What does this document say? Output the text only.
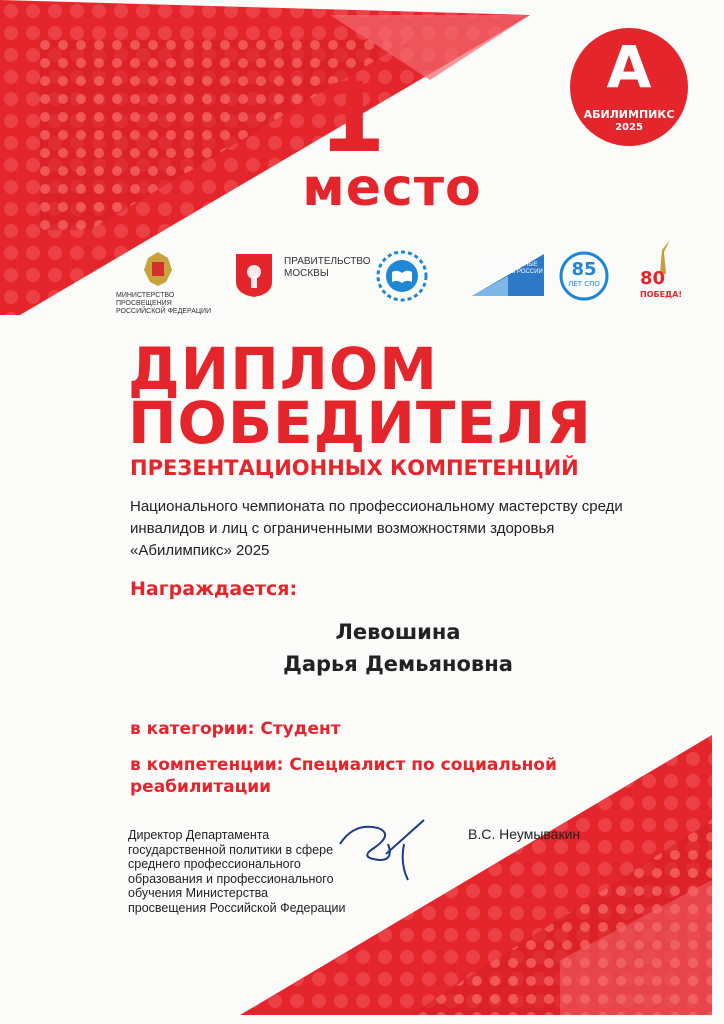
1
место
А
АБИЛИМПИКС
2025
МИНИСТЕРСТВО ПРОСВЕЩЕНИЯ РОССИЙСКОЙ ФЕДЕРАЦИИ
ПРАВИТЕЛЬСТВО МОСКВЫ
НАЦИОНАЛЬНЫЕ ПРОЕКТЫ РОССИИ	85
ЛЕТ СПО 80
ПОБЕДА!
ДИПЛОМ
ПОБЕДИТЕЛЯ
ПРЕЗЕНТАЦИОННЫХ КОМПЕТЕНЦИЙ
Национального чемпионата по профессиональному мастерству среди инвалидов и лиц с ограниченными возможностями здоровья «Абилимпикс» 2025
Награждается:
Левошина
Дарья Демьяновна
в категории: Студент
в компетенции: Специалист по социальной реабилитации
Директор Департамента государственной политики в сфере среднего профессионального образования и профессионального обучения Министерства просвещения Российской Федерации
В.С. Неумывакин
